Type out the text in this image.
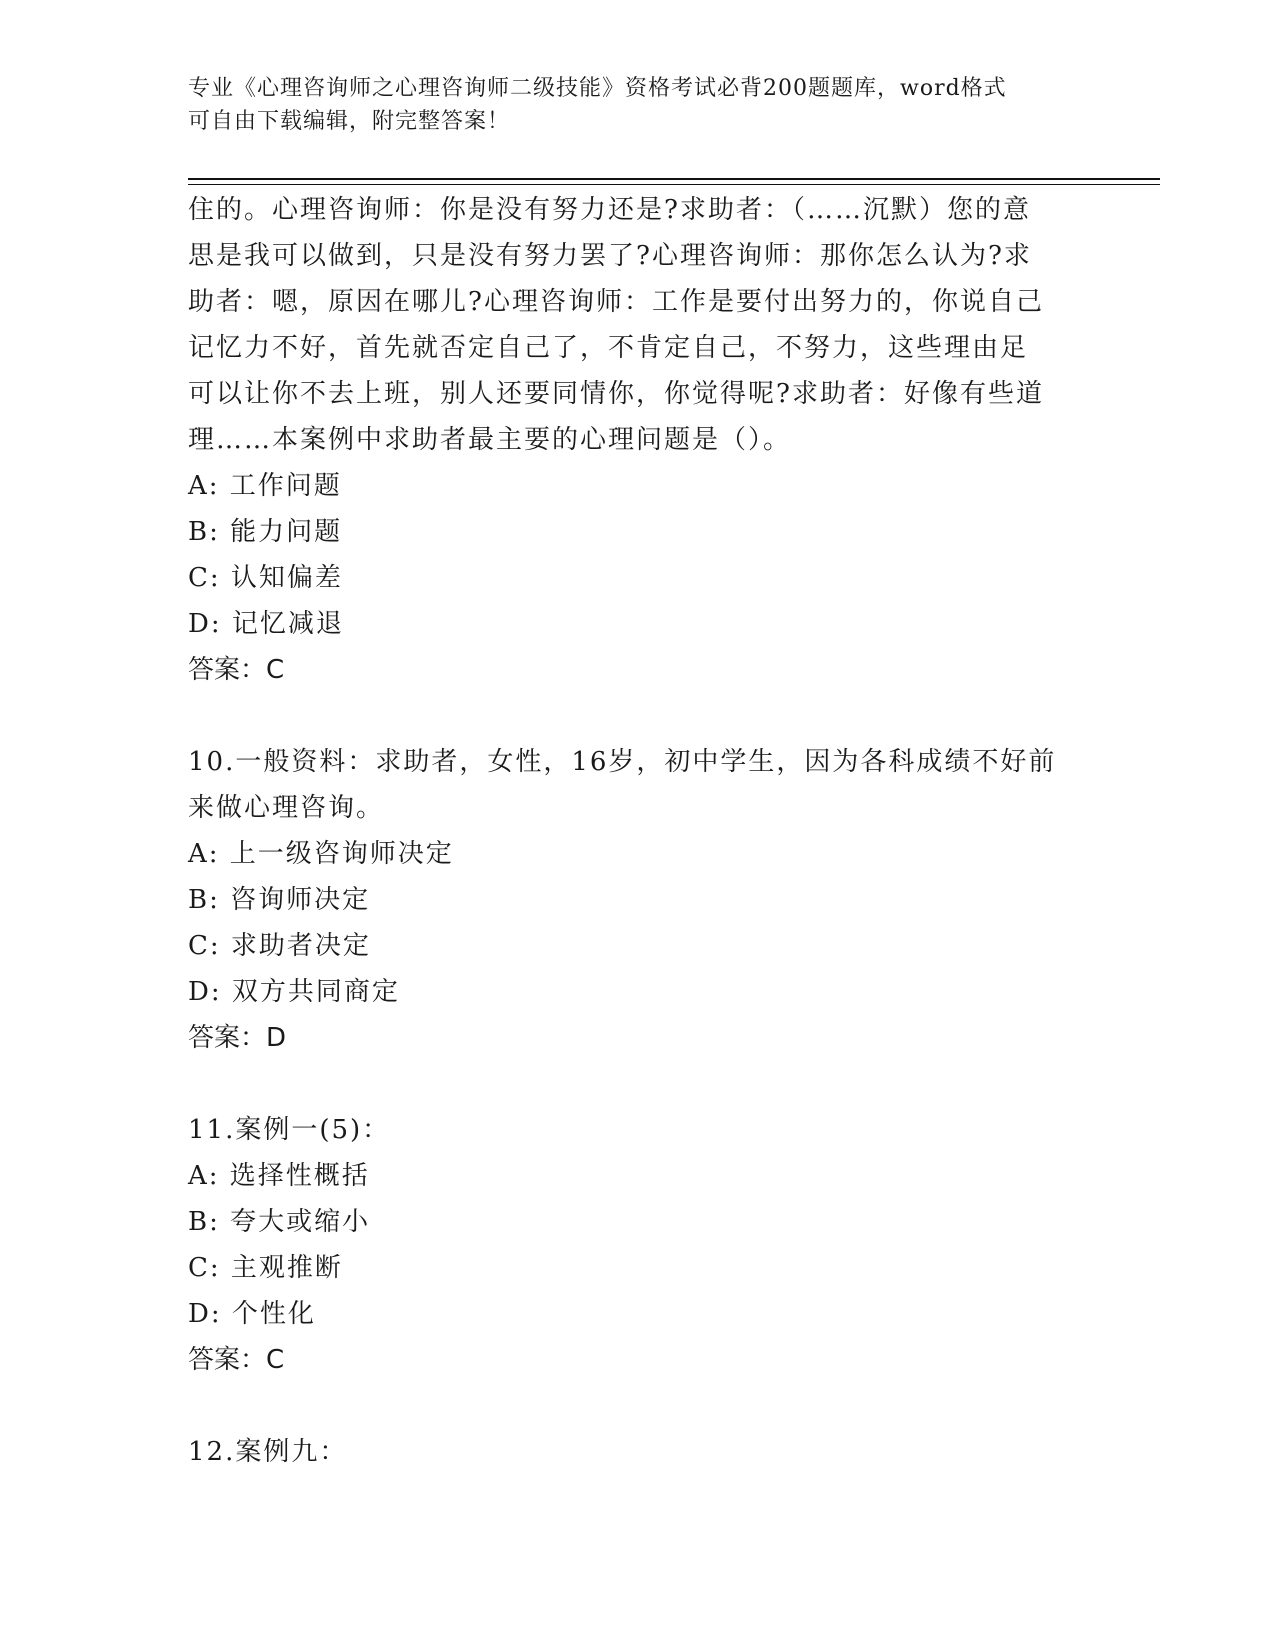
专业《心理咨询师之心理咨询师二级技能》资格考试必背200题题库，word格式
可自由下载编辑，附完整答案！
住的。心理咨询师：你是没有努力还是?求助者：（……沉默）您的意
思是我可以做到，只是没有努力罢了?心理咨询师：那你怎么认为?求
助者：嗯，原因在哪儿?心理咨询师：工作是要付出努力的，你说自己
记忆力不好，首先就否定自己了，不肯定自己，不努力，这些理由足
可以让你不去上班，别人还要同情你，你觉得呢?求助者：好像有些道
理……本案例中求助者最主要的心理问题是（）。
A: 工作问题
B: 能力问题
C: 认知偏差
D: 记忆减退
答案：C
10.一般资料：求助者，女性，16岁，初中学生，因为各科成绩不好前
来做心理咨询。
A: 上一级咨询师决定
B: 咨询师决定
C: 求助者决定
D: 双方共同商定
答案：D
11.案例一(5)：
A: 选择性概括
B: 夸大或缩小
C: 主观推断
D: 个性化
答案：C
12.案例九：
